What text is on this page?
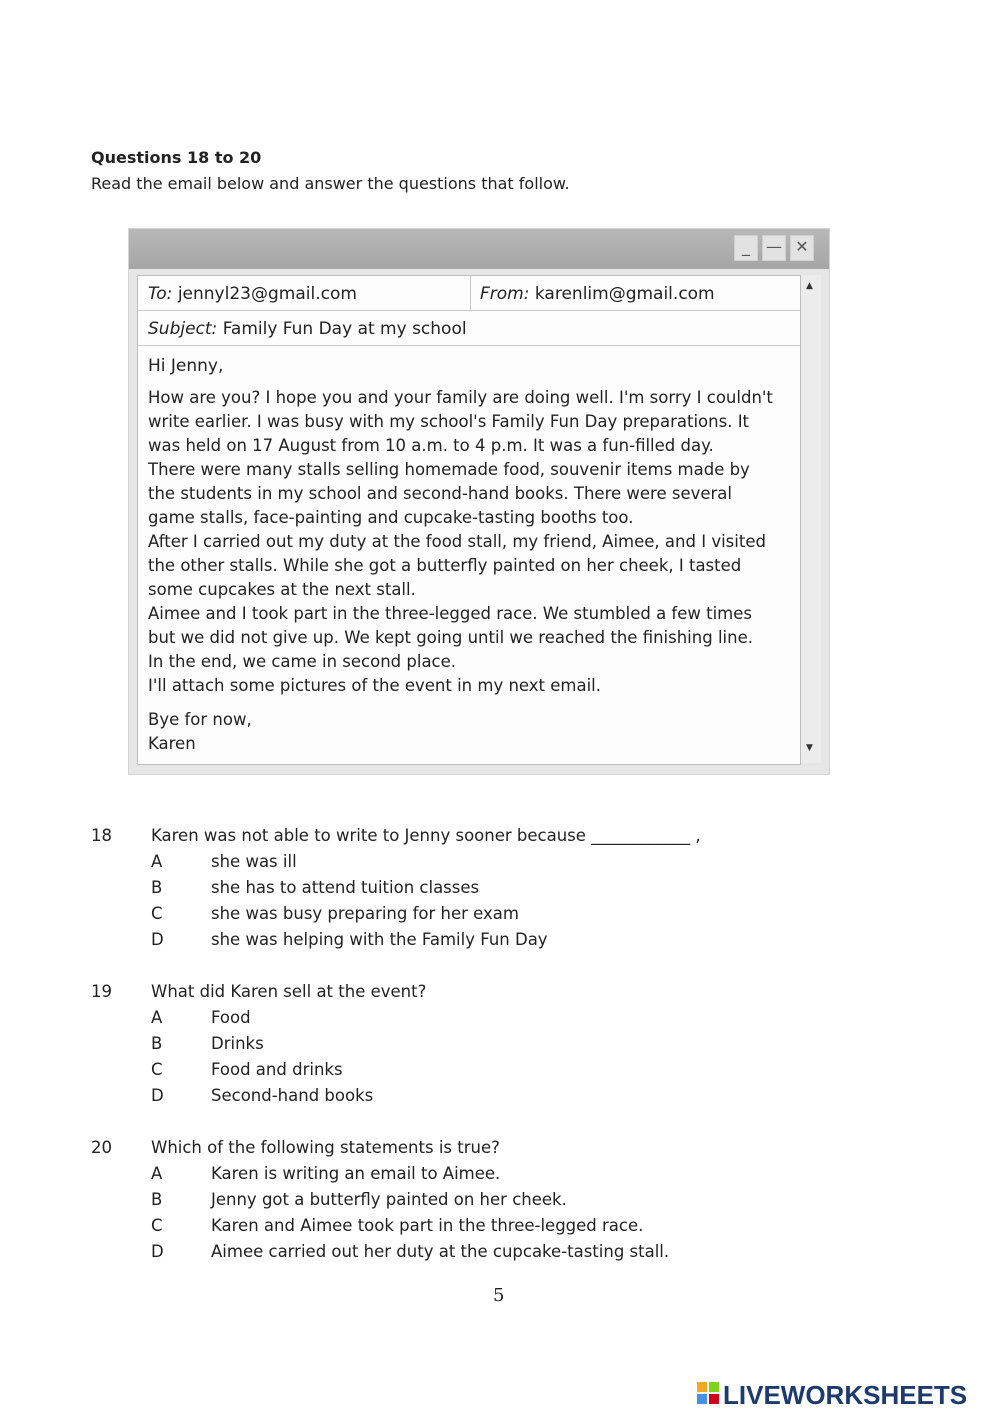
Questions 18 to 20
Read the email below and answer the questions that follow.
_	— ✕
To: jennyl23@gmail.com	From: karenlim@gmail.com
Subject: Family Fun Day at my school
Hi Jenny,
How are you? I hope you and your family are doing well. I'm sorry I couldn't
write earlier. I was busy with my school's Family Fun Day preparations. It
was held on 17 August from 10 a.m. to 4 p.m. It was a fun-filled day.
There were many stalls selling homemade food, souvenir items made by
the students in my school and second-hand books. There were several
game stalls, face-painting and cupcake-tasting booths too.
After I carried out my duty at the food stall, my friend, Aimee, and I visited
the other stalls. While she got a butterfly painted on her cheek, I tasted
some cupcakes at the next stall.
Aimee and I took part in the three-legged race. We stumbled a few times
but we did not give up. We kept going until we reached the finishing line.
In the end, we came in second place.
I'll attach some pictures of the event in my next email.
Bye for now,
Karen
▲
▼
18 Karen was not able to write to Jenny sooner because ____________ ,
A	she was ill
B	she has to attend tuition classes
C	she was busy preparing for her exam
D	she was helping with the Family Fun Day
19 What did Karen sell at the event?
A	Food
B	Drinks
C	Food and drinks
D	Second-hand books
20 Which of the following statements is true?
A	Karen is writing an email to Aimee.
B	Jenny got a butterfly painted on her cheek.
C	Karen and Aimee took part in the three-legged race.
D	Aimee carried out her duty at the cupcake-tasting stall.
5
LIVEWORKSHEETS
